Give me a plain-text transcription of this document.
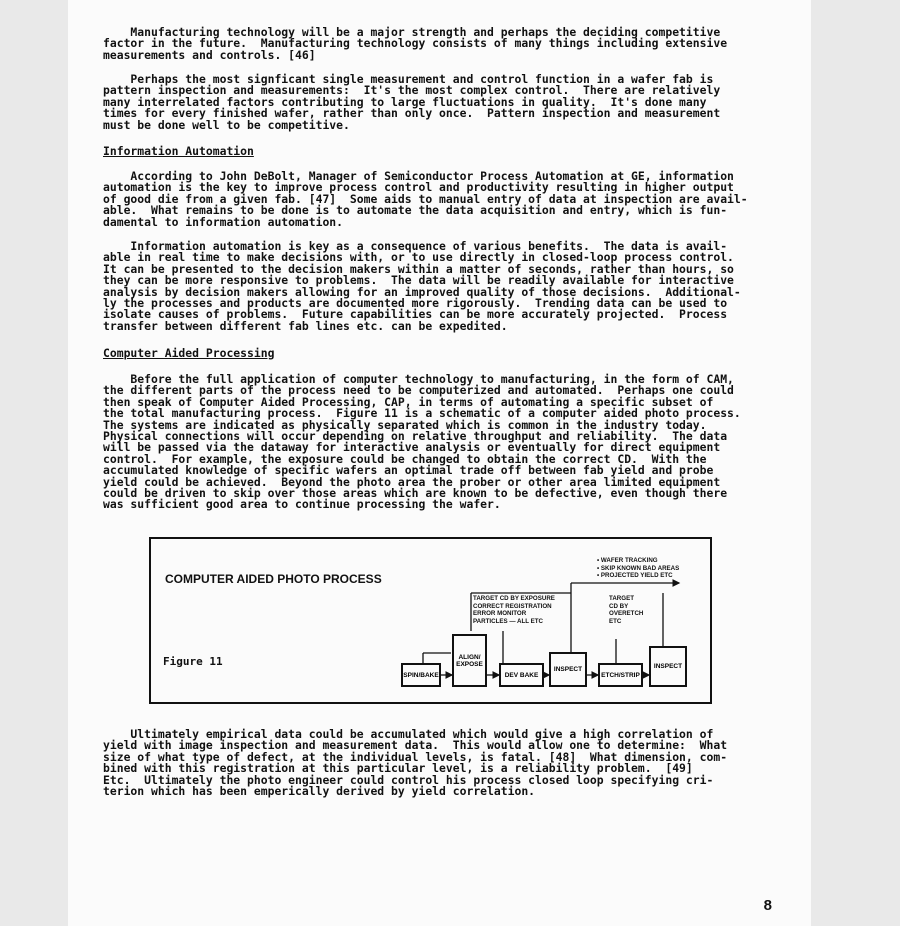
Manufacturing technology will be a major strength and perhaps the deciding competitive
factor in the future.  Manufacturing technology consists of many things including extensive
measurements and controls. [46]
Perhaps the most signficant single measurement and control function in a wafer fab is
pattern inspection and measurements:  It's the most complex control.  There are relatively
many interrelated factors contributing to large fluctuations in quality.  It's done many
times for every finished wafer, rather than only once.  Pattern inspection and measurement
must be done well to be competitive.
Information Automation
According to John DeBolt, Manager of Semiconductor Process Automation at GE, information
automation is the key to improve process control and productivity resulting in higher output
of good die from a given fab. [47]  Some aids to manual entry of data at inspection are avail-
able.  What remains to be done is to automate the data acquisition and entry, which is fun-
damental to information automation.
Information automation is key as a consequence of various benefits.  The data is avail-
able in real time to make decisions with, or to use directly in closed-loop process control.
It can be presented to the decision makers within a matter of seconds, rather than hours, so
they can be more responsive to problems.  The data will be readily available for interactive
analysis by decision makers allowing for an improved quality of those decisions.  Additional-
ly the processes and products are documented more rigorously.  Trending data can be used to
isolate causes of problems.  Future capabilities can be more accurately projected.  Process
transfer between different fab lines etc. can be expedited.
Computer Aided Processing
Before the full application of computer technology to manufacturing, in the form of CAM,
the different parts of the process need to be computerized and automated.  Perhaps one could
then speak of Computer Aided Processing, CAP, in terms of automating a specific subset of
the total manufacturing process.  Figure 11 is a schematic of a computer aided photo process.
The systems are indicated as physically separated which is common in the industry today.
Physical connections will occur depending on relative throughput and reliability.  The data
will be passed via the dataway for interactive analysis or eventually for direct equipment
control.  For example, the exposure could be changed to obtain the correct CD.  With the
accumulated knowledge of specific wafers an optimal trade off between fab yield and probe
yield could be achieved.  Beyond the photo area the prober or other area limited equipment
could be driven to skip over those areas which are known to be defective, even though there
was sufficient good area to continue processing the wafer.
COMPUTER AIDED PHOTO PROCESS
Figure 11
• WAFER TRACKING
• SKIP KNOWN BAD AREAS
• PROJECTED YIELD ETC
TARGET CD BY EXPOSURE
CORRECT REGISTRATION
ERROR MONITOR
PARTICLES — ALL ETC
TARGET
CD BY
OVERETCH
ETC
SPIN/BAKE
ALIGN/
EXPOSE
DEV BAKE
INSPECT
ETCH/STRIP
INSPECT
Ultimately empirical data could be accumulated which would give a high correlation of
yield with image inspection and measurement data.  This would allow one to determine:  What
size of what type of defect, at the individual levels, is fatal. [48]  What dimension, com-
bined with this registration at this particular level, is a reliability problem.  [49]
Etc.  Ultimately the photo engineer could control his process closed loop specifying cri-
terion which has been emperically derived by yield correlation.
8
